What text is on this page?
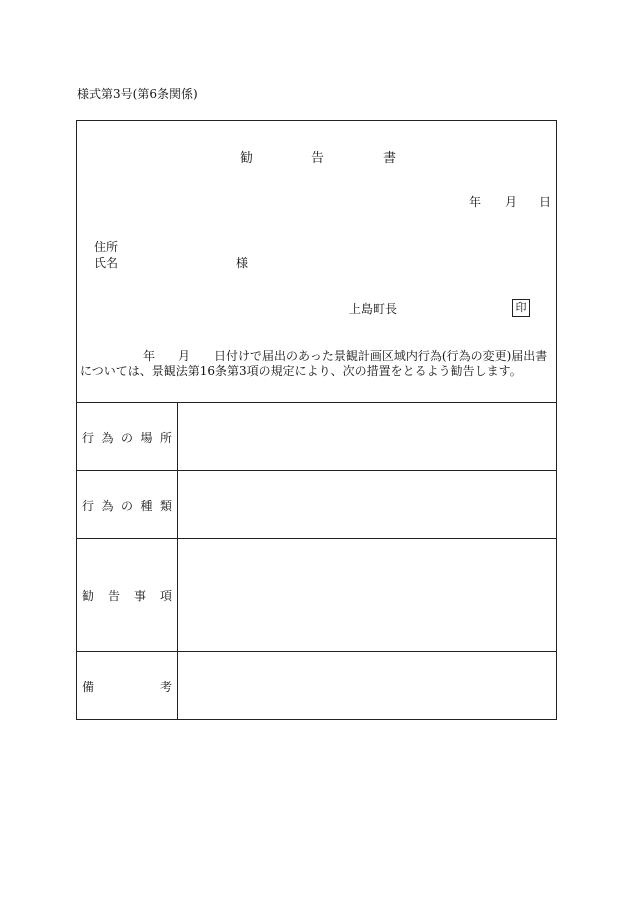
様式第3号(第6条関係)
勧	告	書
年 月 日
住所
氏名	様
上島町長	印
年 月 日付けで届出のあった景観計画区域内行為(行為の変更)届出書
については、景観法第16条第3項の規定により、次の措置をとるよう勧告します。
行 為 の 場 所
行 為 の 種 類
勧 告 事 項
備	考
